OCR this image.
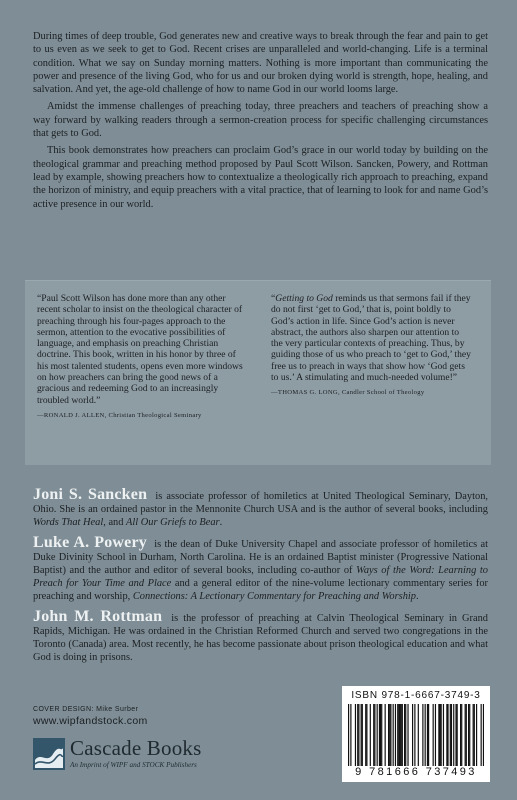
During times of deep trouble, God generates new and creative ways to break through the fear and pain to get to us even as we seek to get to God. Recent crises are unparalleled and world-changing. Life is a terminal condition. What we say on Sunday morning matters. Nothing is more important than communicating the power and presence of the living God, who for us and our broken dying world is strength, hope, healing, and salvation. And yet, the age-old challenge of how to name God in our world looms large.

Amidst the immense challenges of preaching today, three preachers and teachers of preaching show a way forward by walking readers through a sermon-creation process for specific challenging circumstances that gets to God.

This book demonstrates how preachers can proclaim God’s grace in our world today by building on the theological grammar and preaching method proposed by Paul Scott Wilson. Sancken, Powery, and Rottman lead by example, showing preachers how to contextualize a theologically rich approach to preaching, expand the horizon of ministry, and equip preachers with a vital practice, that of learning to look for and name God’s active presence in our world.

“Paul Scott Wilson has done more than any other recent scholar to insist on the theological character of preaching through his four-pages approach to the sermon, attention to the evocative possibilities of language, and emphasis on preaching Christian doctrine. This book, written in his honor by three of his most talented students, opens even more windows on how preachers can bring the good news of a gracious and redeeming God to an increasingly troubled world.”
—RONALD J. ALLEN, Christian Theological Seminary
“Getting to God reminds us that sermons fail if they do not first ‘get to God,’ that is, point boldly to God’s action in life. Since God’s action is never abstract, the authors also sharpen our attention to the very particular contexts of preaching. Thus, by guiding those of us who preach to ‘get to God,’ they free us to preach in ways that show how ‘God gets to us.’ A stimulating and much-needed volume!”
—THOMAS G. LONG, Candler School of Theology

Joni S. Sancken is associate professor of homiletics at United Theological Seminary, Dayton, Ohio. She is an ordained pastor in the Mennonite Church USA and is the author of several books, including Words That Heal, and All Our Griefs to Bear.

Luke A. Powery is the dean of Duke University Chapel and associate professor of homiletics at Duke Divinity School in Durham, North Carolina. He is an ordained Baptist minister (Progressive National Baptist) and the author and editor of several books, including co-author of Ways of the Word: Learning to Preach for Your Time and Place and a general editor of the nine-volume lectionary commentary series for preaching and worship, Connections: A Lectionary Commentary for Preaching and Worship.

John M. Rottman is the professor of preaching at Calvin Theological Seminary in Grand Rapids, Michigan. He was ordained in the Christian Reformed Church and served two congregations in the Toronto (Canada) area. Most recently, he has become passionate about prison theological education and what God is doing in prisons.

COVER DESIGN: Mike Surber
www.wipfandstock.com
Cascade Books
An Imprint of WIPF and STOCK Publishers
ISBN 978-1-6667-3749-3
9 781666 737493
